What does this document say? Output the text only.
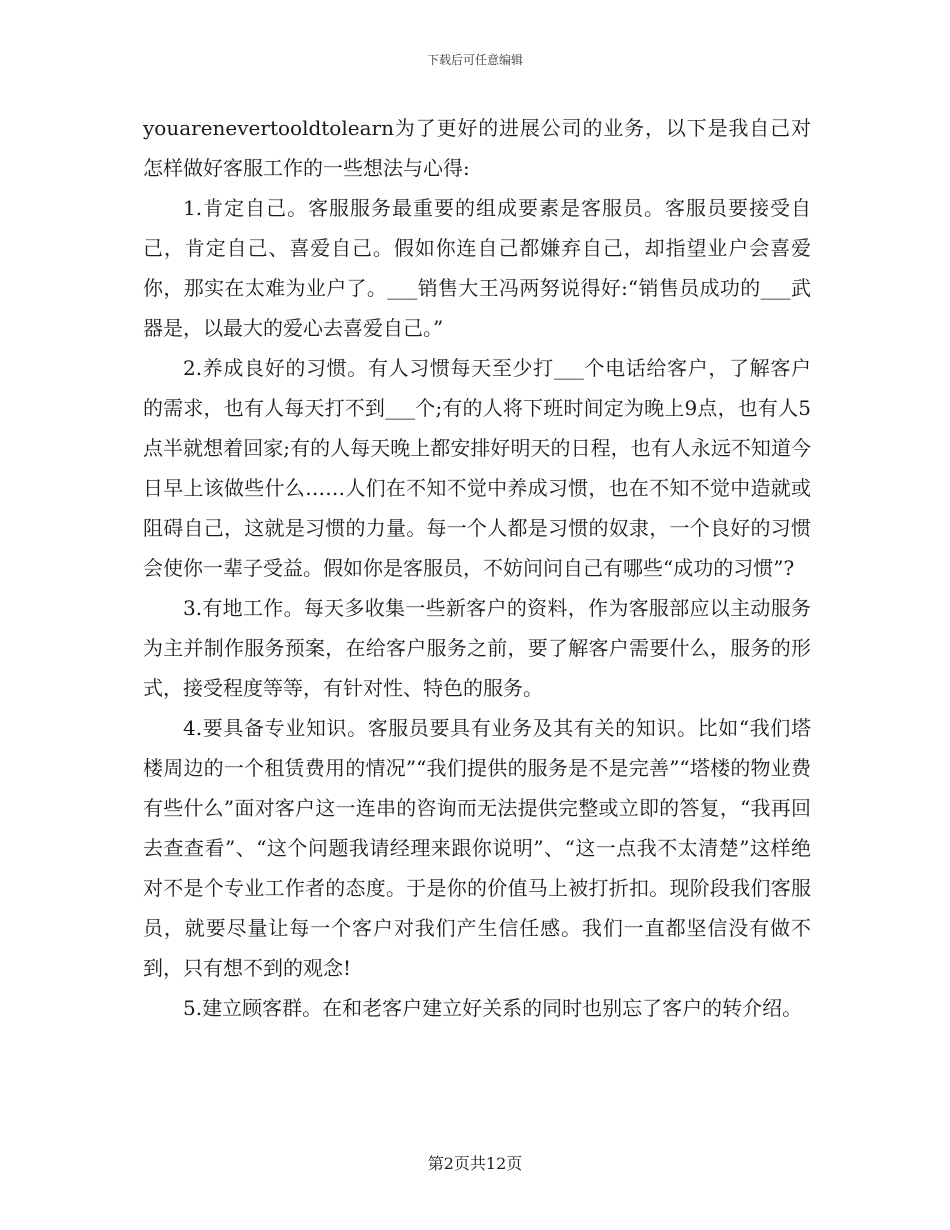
下载后可任意编辑

youarenevertooldtolearn为了更好的进展公司的业务，以下是我自己对怎样做好客服工作的一些想法与心得:

1.肯定自己。客服服务最重要的组成要素是客服员。客服员要接受自己，肯定自己、喜爱自己。假如你连自己都嫌弃自己，却指望业户会喜爱你，那实在太难为业户了。___销售大王冯两努说得好:“销售员成功的___武器是，以最大的爱心去喜爱自己。”

2.养成良好的习惯。有人习惯每天至少打___个电话给客户，了解客户的需求，也有人每天打不到___个;有的人将下班时间定为晚上9点，也有人5点半就想着回家;有的人每天晚上都安排好明天的日程，也有人永远不知道今日早上该做些什么……人们在不知不觉中养成习惯，也在不知不觉中造就或阻碍自己，这就是习惯的力量。每一个人都是习惯的奴隶，一个良好的习惯会使你一辈子受益。假如你是客服员，不妨问问自己有哪些“成功的习惯”?

3.有地工作。每天多收集一些新客户的资料，作为客服部应以主动服务为主并制作服务预案，在给客户服务之前，要了解客户需要什么，服务的形式，接受程度等等，有针对性、特色的服务。

4.要具备专业知识。客服员要具有业务及其有关的知识。比如“我们塔楼周边的一个租赁费用的情况”“我们提供的服务是不是完善”“塔楼的物业费有些什么”面对客户这一连串的咨询而无法提供完整或立即的答复，“我再回去查查看”、“这个问题我请经理来跟你说明”、“这一点我不太清楚”这样绝对不是个专业工作者的态度。于是你的价值马上被打折扣。现阶段我们客服员，就要尽量让每一个客户对我们产生信任感。我们一直都坚信没有做不到，只有想不到的观念!

5.建立顾客群。在和老客户建立好关系的同时也别忘了客户的转介绍。

第2页共12页
